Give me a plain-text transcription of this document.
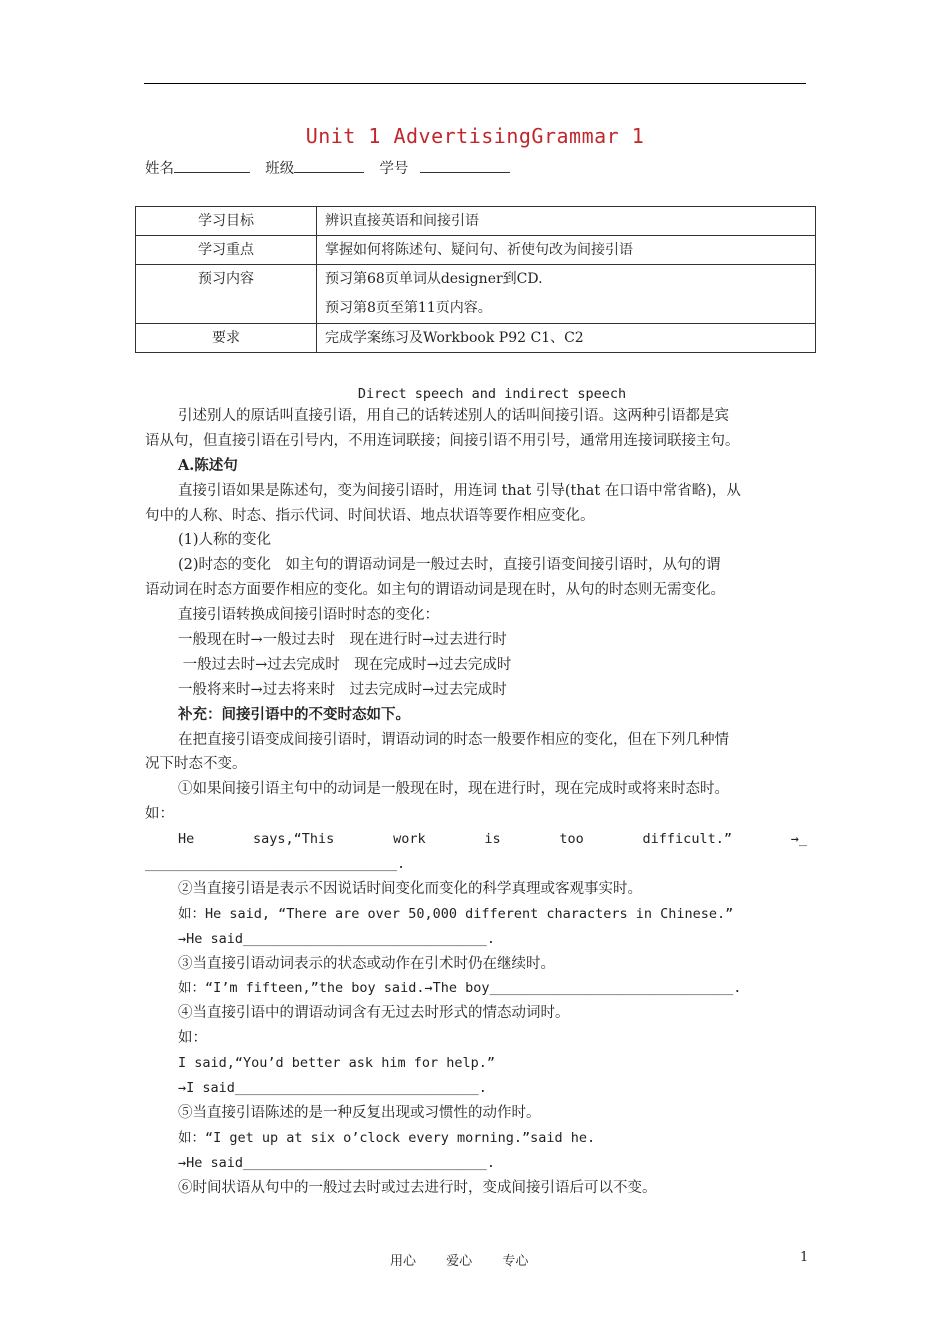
Unit 1 AdvertisingGrammar 1
姓名	班级	学号
学习目标	辨识直接英语和间接引语
学习重点	掌握如何将陈述句、疑问句、祈使句改为间接引语
预习内容	预习第68页单词从designer到CD.
预习第8页至第11页内容。

要求	完成学案练习及Workbook P92 C1、C2
Direct speech and indirect speech
引述别人的原话叫直接引语，用自己的话转述别人的话叫间接引语。这两种引语都是宾
语从句，但直接引语在引号内，不用连词联接；间接引语不用引号，通常用连接词联接主句。
A.陈述句
直接引语如果是陈述句，变为间接引语时，用连词 that 引导(that 在口语中常省略)，从
句中的人称、时态、指示代词、时间状语、地点状语等要作相应变化。
(1)人称的变化
(2)时态的变化　如主句的谓语动词是一般过去时，直接引语变间接引语时，从句的谓
语动词在时态方面要作相应的变化。如主句的谓语动词是现在时，从句的时态则无需变化。
直接引语转换成间接引语时时态的变化：
一般现在时→一般过去时　现在进行时→过去进行时
一般过去时→过去完成时　现在完成时→过去完成时
一般将来时→过去将来时　过去完成时→过去完成时
补充：间接引语中的不变时态如下。
在把直接引语变成间接引语时，谓语动词的时态一般要作相应的变化，但在下列几种情
况下时态不变。
①如果间接引语主句中的动词是一般现在时，现在进行时，现在完成时或将来时态时。
如：
He	says,“This	work	is	too	difficult.”	→_
_______________________________.
②当直接引语是表示不因说话时间变化而变化的科学真理或客观事实时。
如：He said, “There are over 50,000 different characters in Chinese.”
→He said______________________________.
③当直接引语动词表示的状态或动作在引术时仍在继续时。
如：“I’m fifteen,”the boy said.→The boy______________________________.
④当直接引语中的谓语动词含有无过去时形式的情态动词时。
如：
I said,“You’d better ask him for help.”
→I said______________________________.
⑤当直接引语陈述的是一种反复出现或习惯性的动作时。
如：“I get up at six o’clock every morning.”said he.
→He said______________________________.
⑥时间状语从句中的一般过去时或过去进行时，变成间接引语后可以不变。
用心 爱心 专心	1
